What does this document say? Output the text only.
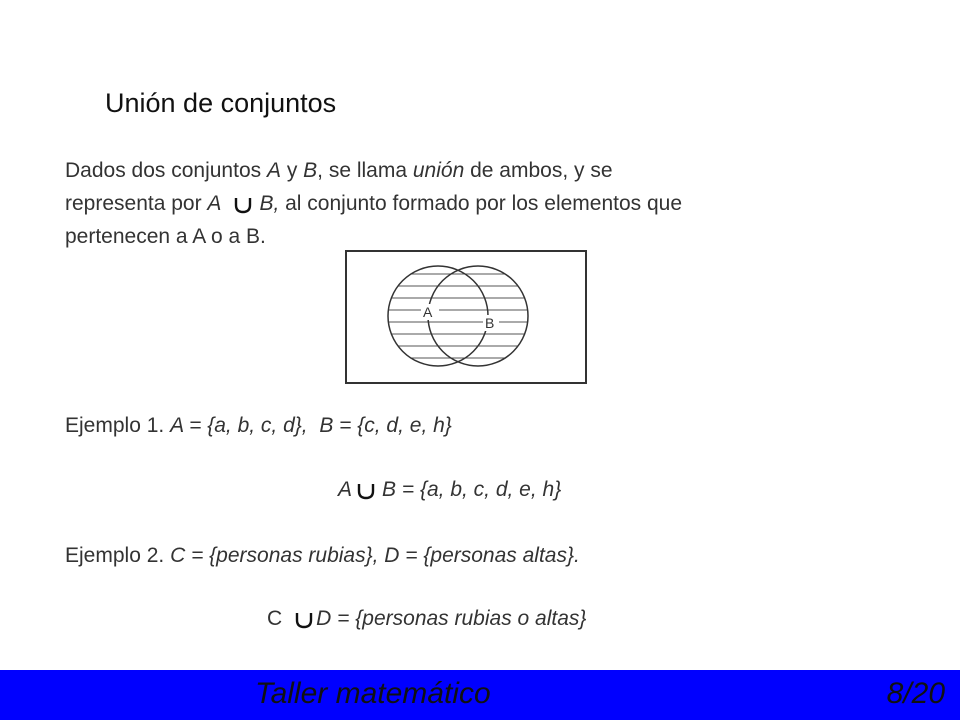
Unión de conjuntos
Dados dos conjuntos A y B, se llama unión de ambos, y se
representa por A B, al conjunto formado por los elementos que
pertenecen a A o a B.
A
B
Ejemplo 1. A = {a, b, c, d}, B = {c, d, e, h}
A B = {a, b, c, d, e, h}
Ejemplo 2. C = {personas rubias}, D = {personas altas}.
C D = {personas rubias o altas}
Taller matemático	8/20
